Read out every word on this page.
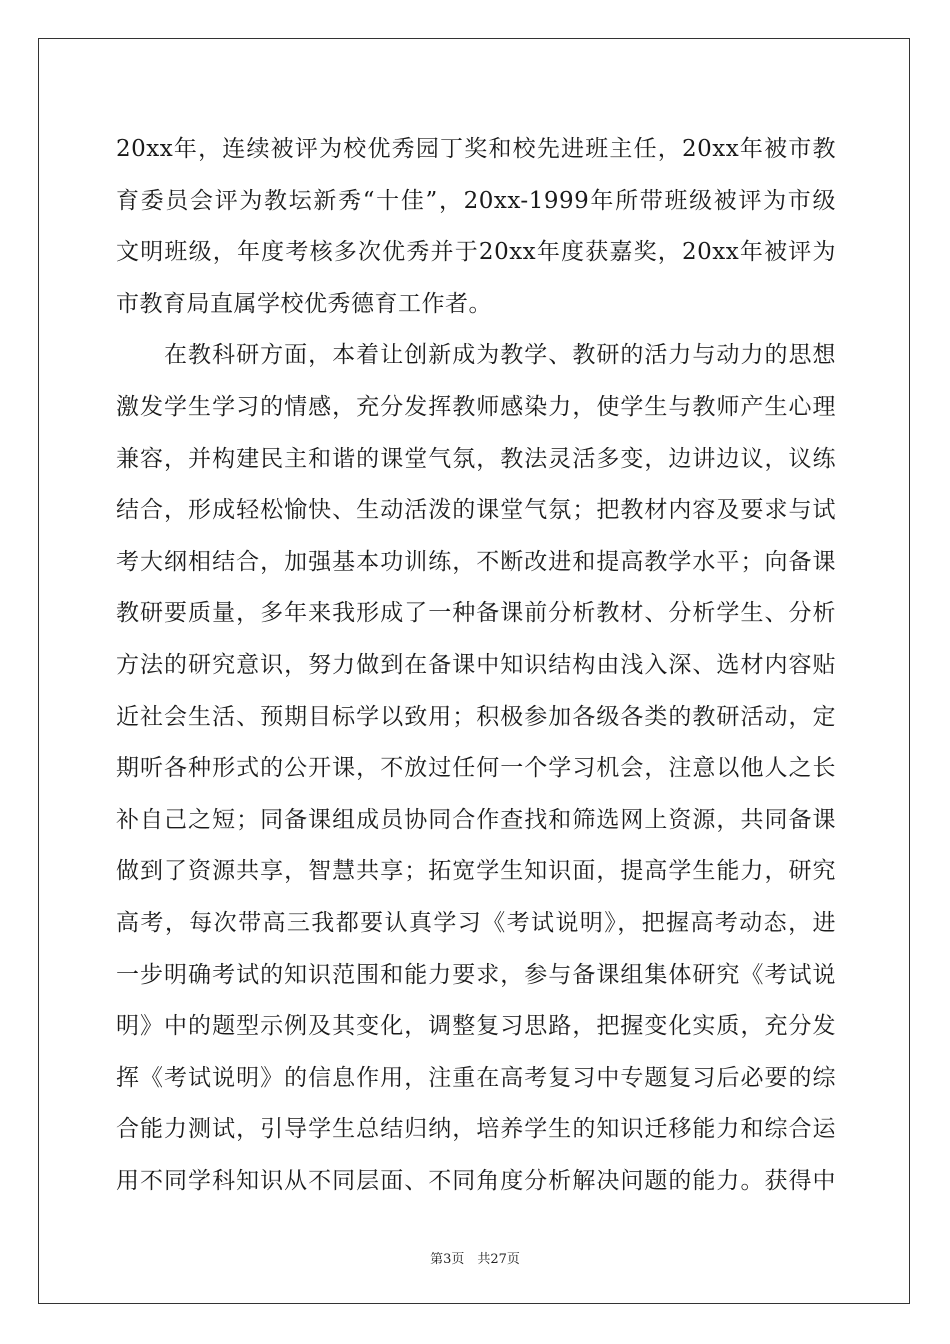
20xx年，连续被评为校优秀园丁奖和校先进班主任，20xx年被市教
育委员会评为教坛新秀“十佳”，20xx-1999年所带班级被评为市级
文明班级，年度考核多次优秀并于20xx年度获嘉奖，20xx年被评为
市教育局直属学校优秀德育工作者。
　　在教科研方面，本着让创新成为教学、教研的活力与动力的思想
激发学生学习的情感，充分发挥教师感染力，使学生与教师产生心理
兼容，并构建民主和谐的课堂气氛，教法灵活多变，边讲边议，议练
结合，形成轻松愉快、生动活泼的课堂气氛；把教材内容及要求与试
考大纲相结合，加强基本功训练，不断改进和提高教学水平；向备课
教研要质量，多年来我形成了一种备课前分析教材、分析学生、分析
方法的研究意识，努力做到在备课中知识结构由浅入深、选材内容贴
近社会生活、预期目标学以致用；积极参加各级各类的教研活动，定
期听各种形式的公开课，不放过任何一个学习机会，注意以他人之长
补自己之短；同备课组成员协同合作查找和筛选网上资源，共同备课
做到了资源共享，智慧共享；拓宽学生知识面，提高学生能力，研究
高考，每次带高三我都要认真学习《考试说明》，把握高考动态，进
一步明确考试的知识范围和能力要求，参与备课组集体研究《考试说
明》中的题型示例及其变化，调整复习思路，把握变化实质，充分发
挥《考试说明》的信息作用，注重在高考复习中专题复习后必要的综
合能力测试，引导学生总结归纳，培养学生的知识迁移能力和综合运
用不同学科知识从不同层面、不同角度分析解决问题的能力。获得中
第3页　共27页
